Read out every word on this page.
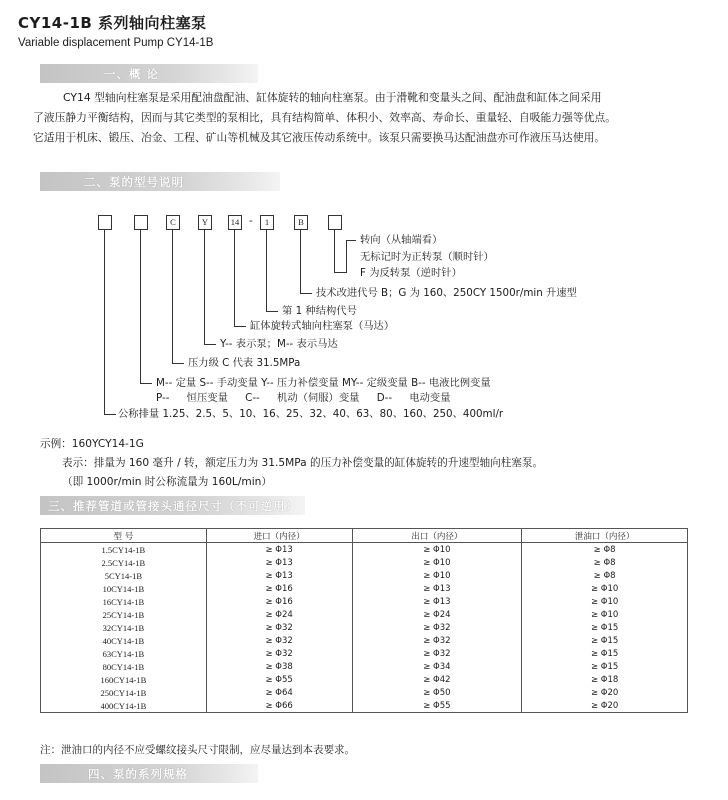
CY14-1B 系列轴向柱塞泵
Variable displacement Pump CY14-1B
一、概 论
CY14 型轴向柱塞泵是采用配油盘配油、缸体旋转的轴向柱塞泵。由于滑靴和变量头之间、配油盘和缸体之间采用
了液压静力平衡结构，因而与其它类型的泵相比，具有结构简单、体积小、效率高、寿命长、重量轻、自吸能力强等优点。
它适用于机床、锻压、冶金、工程、矿山等机械及其它液压传动系统中。该泵只需要换马达配油盘亦可作液压马达使用。
二、泵的型号说明
C	Y	14 -	1	B
转向（从轴端看）
无标记时为正转泵（顺时针）
F 为反转泵（逆时针）
技术改进代号 B；G 为 160、250CY 1500r/min 升速型
第 1 种结构代号
缸体旋转式轴向柱塞泵（马达）
Y-- 表示泵；M-- 表示马达
压力级 C 代表 31.5MPa
M-- 定量 S-- 手动变量 Y-- 压力补偿变量 MY-- 定级变量 B-- 电液比例变量
P-- 恒压变量 C-- 机动（伺服）变量 D-- 电动变量
公称排量 1.25、2.5、5、10、16、25、32、40、63、80、160、250、400ml/r
示例：160YCY14-1G
表示：排量为 160 毫升 / 转，额定压力为 31.5MPa 的压力补偿变量的缸体旋转的升速型轴向柱塞泵。
（即 1000r/min 时公称流量为 160L/min）
三、推荐管道或管接头通径尺寸（不可逆用）
型 号	进口（内径）	出口（内径）	泄油口（内径）
1.5CY14-1B	≥ Φ13	≥ Φ10	≥ Φ8
2.5CY14-1B	≥ Φ13	≥ Φ10	≥ Φ8
5CY14-1B	≥ Φ13	≥ Φ10	≥ Φ8
10CY14-1B	≥ Φ16	≥ Φ13	≥ Φ10
16CY14-1B	≥ Φ16	≥ Φ13	≥ Φ10
25CY14-1B	≥ Φ24	≥ Φ24	≥ Φ10
32CY14-1B	≥ Φ32	≥ Φ32	≥ Φ15
40CY14-1B	≥ Φ32	≥ Φ32	≥ Φ15
63CY14-1B	≥ Φ32	≥ Φ32	≥ Φ15
80CY14-1B	≥ Φ38	≥ Φ34	≥ Φ15
160CY14-1B	≥ Φ55	≥ Φ42	≥ Φ18
250CY14-1B	≥ Φ64	≥ Φ50	≥ Φ20
400CY14-1B	≥ Φ66	≥ Φ55	≥ Φ20
注：泄油口的内径不应受螺纹接头尺寸限制，应尽量达到本表要求。
四、泵的系列规格
